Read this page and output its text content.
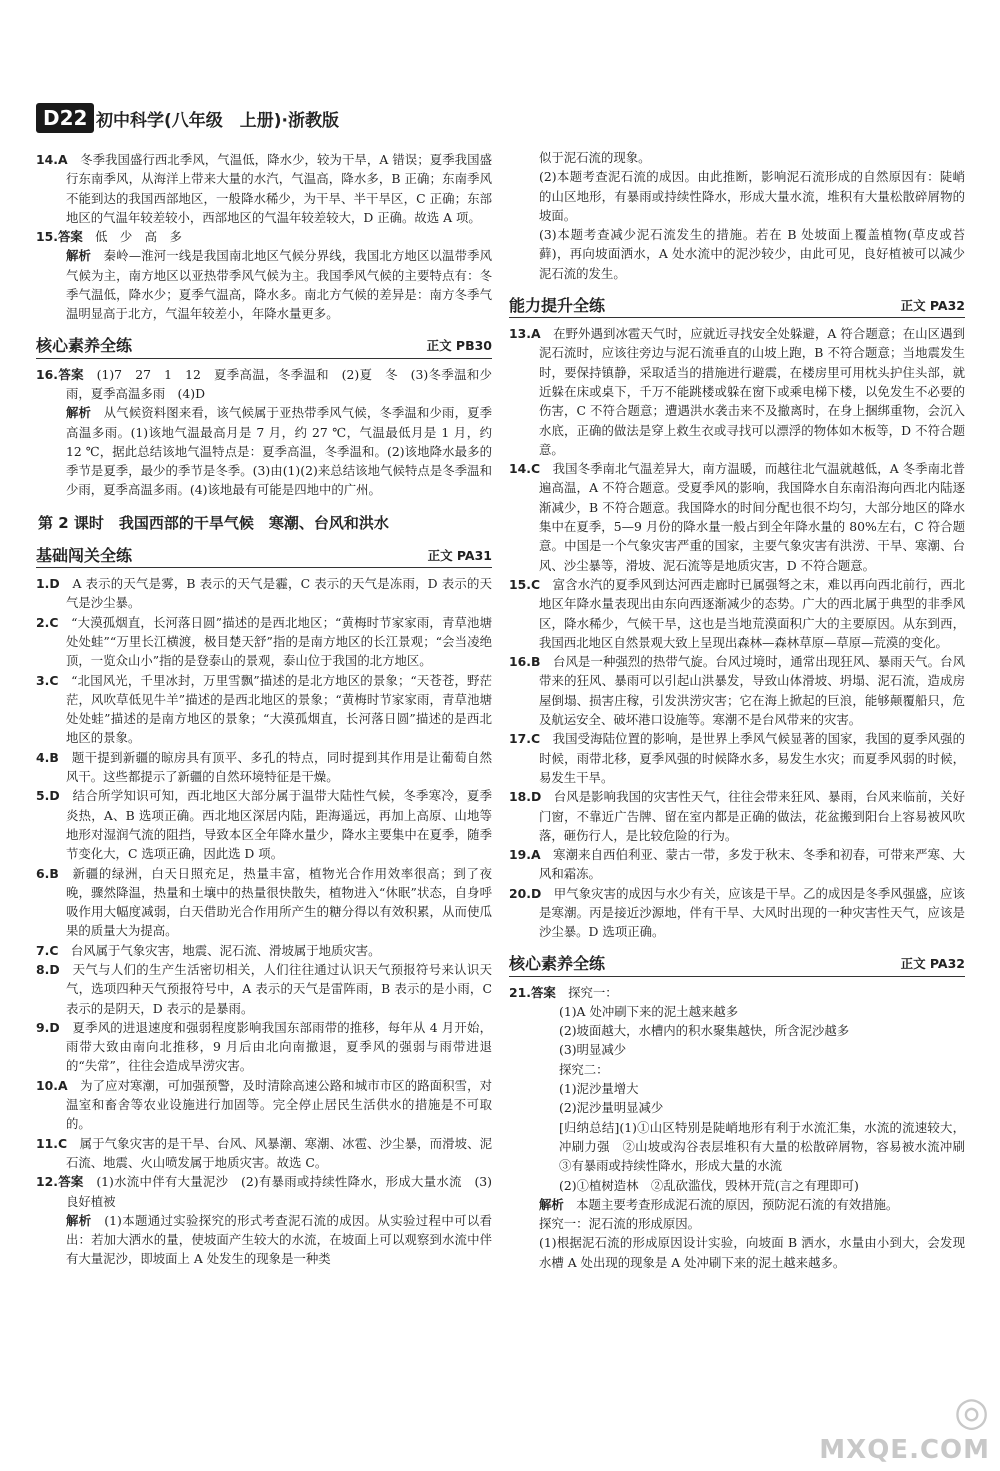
D22 初中科学(八年级　上册)·浙教版

14.A　 冬季我国盛行西北季风，气温低，降水少，较为干旱，A 错误；夏季我国盛行东南季风，从海洋上带来大量的水汽，气温高，降水多，B 正确；东南季风不能到达的我国西部地区，一般降水稀少，为干旱、半干旱区，C 正确；东部地区的气温年较差较小，西部地区的气温年较差较大，D 正确。故选 A 项。

15.答案　 低　少　高　多

解析　 秦岭—淮河一线是我国南北地区气候分界线，我国北方地区以温带季风气候为主，南方地区以亚热带季风气候为主。我国季风气候的主要特点有：冬季气温低，降水少；夏季气温高，降水多。南北方气候的差异是：南方冬季气温明显高于北方，气温年较差小，年降水量更多。

核心素养全练	正文 PB30

16.答案　 (1)7　27　1　12　夏季高温，冬季温和　(2)夏　冬　(3)冬季温和少雨，夏季高温多雨　(4)D

解析　 从气候资料图来看，该气候属于亚热带季风气候，冬季温和少雨，夏季高温多雨。(1)该地气温最高月是 7 月，约 27 ℃，气温最低月是 1 月，约 12 ℃，据此总结该地气温特点是：夏季高温，冬季温和。(2)该地降水最多的季节是夏季，最少的季节是冬季。(3)由(1)(2)来总结该地气候特点是冬季温和少雨，夏季高温多雨。(4)该地最有可能是四地中的广州。

第 2 课时　我国西部的干旱气候　寒潮、台风和洪水
基础闯关全练	正文 PA31

1.D　 A 表示的天气是雾，B 表示的天气是霾，C 表示的天气是冻雨，D 表示的天气是沙尘暴。

2.C　 “大漠孤烟直，长河落日圆”描述的是西北地区；“黄梅时节家家雨，青草池塘处处蛙”“万里长江横渡，极目楚天舒”指的是南方地区的长江景观；“会当凌绝顶，一览众山小”指的是登泰山的景观，泰山位于我国的北方地区。

3.C　 “北国风光，千里冰封，万里雪飘”描述的是北方地区的景象；“天苍苍，野茫茫，风吹草低见牛羊”描述的是西北地区的景象；“黄梅时节家家雨，青草池塘处处蛙”描述的是南方地区的景象；“大漠孤烟直，长河落日圆”描述的是西北地区的景象。

4.B　 题干提到新疆的晾房具有顶平、多孔的特点，同时提到其作用是让葡萄自然风干。这些都提示了新疆的自然环境特征是干燥。

5.D　 结合所学知识可知，西北地区大部分属于温带大陆性气候，冬季寒冷，夏季炎热，A、B 选项正确。西北地区深居内陆，距海遥远，再加上高原、山地等地形对湿润气流的阻挡，导致本区全年降水量少，降水主要集中在夏季，随季节变化大，C 选项正确，因此选 D 项。

6.B　 新疆的绿洲，白天日照充足，热量丰富，植物光合作用效率很高；到了夜晚，骤然降温，热量和土壤中的热量很快散失，植物进入“休眠”状态，自身呼吸作用大幅度减弱，白天借助光合作用所产生的糖分得以有效积累，从而使瓜果的质量大为提高。

7.C　 台风属于气象灾害，地震、泥石流、滑坡属于地质灾害。

8.D　 天气与人们的生产生活密切相关，人们往往通过认识天气预报符号来认识天气，选项四种天气预报符号中，A 表示的天气是雷阵雨，B 表示的是小雨，C 表示的是阴天，D 表示的是暴雨。

9.D　 夏季风的进退速度和强弱程度影响我国东部雨带的推移，每年从 4 月开始，雨带大致由南向北推移，9 月后由北向南撤退，夏季风的强弱与雨带进退的“失常”，往往会造成旱涝灾害。

10.A　 为了应对寒潮，可加强预警，及时清除高速公路和城市市区的路面积雪，对温室和畜舍等农业设施进行加固等。完全停止居民生活供水的措施是不可取的。

11.C　 属于气象灾害的是干旱、台风、风暴潮、寒潮、冰雹、沙尘暴，而滑坡、泥石流、地震、火山喷发属于地质灾害。故选 C。

12.答案　 (1)水流中伴有大量泥沙　(2)有暴雨或持续性降水，形成大量水流　(3)良好植被

解析　 (1)本题通过实验探究的形式考查泥石流的成因。从实验过程中可以看出：若加大洒水的量，使坡面产生较大的水流，在坡面上可以观察到水流中伴有大量泥沙，即坡面上 A 处发生的现象是一种类

似于泥石流的现象。

(2)本题考查泥石流的成因。由此推断，影响泥石流形成的自然原因有：陡峭的山区地形，有暴雨或持续性降水，形成大量水流，堆积有大量松散碎屑物的坡面。

(3)本题考查减少泥石流发生的措施。若在 B 处坡面上覆盖植物(草皮或苔藓)，再向坡面洒水，A 处水流中的泥沙较少，由此可见，良好植被可以减少泥石流的发生。

能力提升全练	正文 PA32

13.A　 在野外遇到冰雹天气时，应就近寻找安全处躲避，A 符合题意；在山区遇到泥石流时，应该往旁边与泥石流垂直的山坡上跑，B 不符合题意；当地震发生时，要保持镇静，采取适当的措施进行避震，在楼房里可用枕头护住头部，就近躲在床或桌下，千万不能跳楼或躲在窗下或乘电梯下楼，以免发生不必要的伤害，C 不符合题意；遭遇洪水袭击来不及撤离时，在身上捆绑重物，会沉入水底，正确的做法是穿上救生衣或寻找可以漂浮的物体如木板等，D 不符合题意。

14.C　 我国冬季南北气温差异大，南方温暖，而越往北气温就越低，A 冬季南北普遍高温，A 不符合题意。受夏季风的影响，我国降水自东南沿海向西北内陆逐渐减少，B 不符合题意。我国降水的时间分配也很不均匀，大部分地区的降水集中在夏季，5—9 月份的降水量一般占到全年降水量的 80%左右，C 符合题意。中国是一个气象灾害严重的国家，主要气象灾害有洪涝、干旱、寒潮、台风、沙尘暴等，滑坡、泥石流等是地质灾害，D 不符合题意。

15.C　 富含水汽的夏季风到达河西走廊时已属强弩之末，难以再向西北前行，西北地区年降水量表现出由东向西逐渐减少的态势。广大的西北属于典型的非季风区，降水稀少，气候干旱，这也是当地荒漠面积广大的主要原因。从东到西，我国西北地区自然景观大致上呈现出森林—森林草原—草原—荒漠的变化。

16.B　 台风是一种强烈的热带气旋。台风过境时，通常出现狂风、暴雨天气。台风带来的狂风、暴雨可以引起山洪暴发，导致山体滑坡、坍塌、泥石流，造成房屋倒塌、损害庄稼，引发洪涝灾害；它在海上掀起的巨浪，能够颠覆船只，危及航运安全、破坏港口设施等。寒潮不是台风带来的灾害。

17.C　 我国受海陆位置的影响，是世界上季风气候显著的国家，我国的夏季风强的时候，雨带北移，夏季风强的时候降水多，易发生水灾；而夏季风弱的时候，易发生干旱。

18.D　 台风是影响我国的灾害性天气，往往会带来狂风、暴雨，台风来临前，关好门窗，不靠近广告牌、留在室内都是正确的做法，花盆搬到阳台上容易被风吹落，砸伤行人，是比较危险的行为。

19.A　 寒潮来自西伯利亚、蒙古一带，多发于秋末、冬季和初春，可带来严寒、大风和霜冻。

20.D　 甲气象灾害的成因与水少有关，应该是干旱。乙的成因是冬季风强盛，应该是寒潮。丙是接近沙源地，伴有干旱、大风时出现的一种灾害性天气，应该是沙尘暴。D 选项正确。

核心素养全练	正文 PA32

21.答案　 探究一：

(1)A 处冲刷下来的泥土越来越多

(2)坡面越大，水槽内的积水聚集越快，所含泥沙越多

(3)明显减少

探究二：

(1)泥沙量增大

(2)泥沙量明显减少

[归纳总结](1)①山区特别是陡峭地形有利于水流汇集，水流的流速较大，冲刷力强　②山坡或沟谷表层堆积有大量的松散碎屑物，容易被水流冲刷　③有暴雨或持续性降水，形成大量的水流

(2)①植树造林　②乱砍滥伐，毁林开荒(言之有理即可)

解析　 本题主要考查形成泥石流的原因，预防泥石流的有效措施。

探究一：泥石流的形成原因。

(1)根据泥石流的形成原因设计实验，向坡面 B 洒水，水量由小到大，会发现水槽 A 处出现的现象是 A 处冲刷下来的泥土越来越多。

◎
MXQE.COM
